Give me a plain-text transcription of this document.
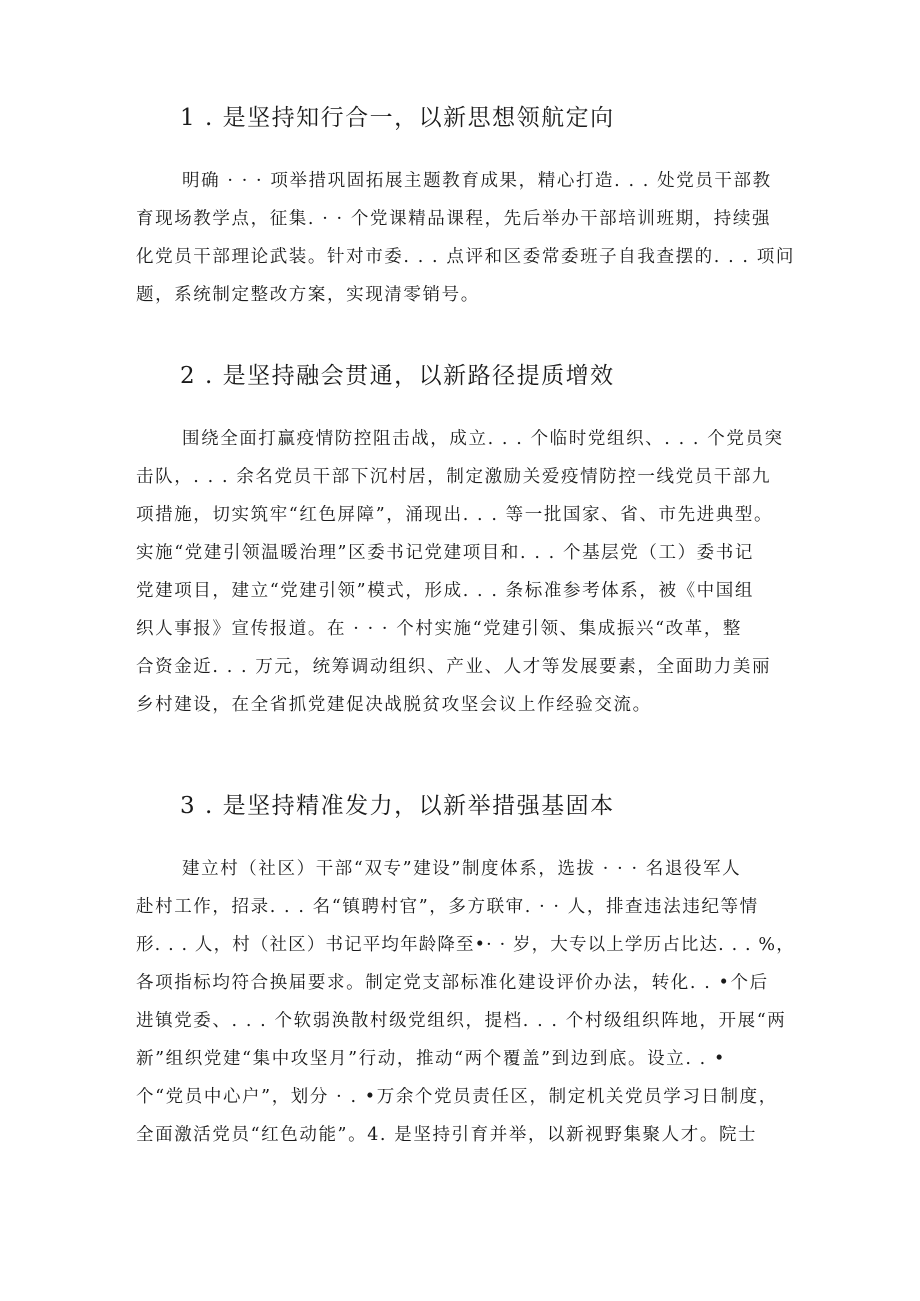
1 . 是坚持知行合一，以新思想领航定向

明确 · · · 项举措巩固拓展主题教育成果，精心打造. . . 处党员干部教

育现场教学点，征集. · · 个党课精品课程，先后举办干部培训班期，持续强

化党员干部理论武装。针对市委. . . 点评和区委常委班子自我查摆的. . . 项问

题，系统制定整改方案，实现清零销号。

2 . 是坚持融会贯通，以新路径提质增效

围绕全面打赢疫情防控阻击战，成立. . . 个临时党组织、. . . 个党员突

击队，. . . 余名党员干部下沉村居，制定激励关爱疫情防控一线党员干部九

项措施，切实筑牢“红色屏障”，涌现出. . . 等一批国家、省、市先进典型。

实施“党建引领温暖治理”区委书记党建项目和. . . 个基层党（工）委书记

党建项目，建立“党建引领”模式，形成. . . 条标准参考体系，被《中国组

织人事报》宣传报道。在 · · · 个村实施“党建引领、集成振兴“改革，整

合资金近. . . 万元，统筹调动组织、产业、人才等发展要素，全面助力美丽

乡村建设，在全省抓党建促决战脱贫攻坚会议上作经验交流。

3 . 是坚持精准发力，以新举措强基固本

建立村（社区）干部“双专”建设”制度体系，选拔 · · · 名退役军人

赴村工作，招录. . . 名“镇聘村官”，多方联审. · · 人，排查违法违纪等情

形. . . 人，村（社区）书记平均年龄降至•· · 岁，大专以上学历占比达. . . %，

各项指标均符合换届要求。制定党支部标准化建设评价办法，转化. . •个后

进镇党委、. . . 个软弱涣散村级党组织，提档. . . 个村级组织阵地，开展“两

新”组织党建“集中攻坚月”行动，推动“两个覆盖”到边到底。设立. . •

个“党员中心户”，划分 · . •万余个党员责任区，制定机关党员学习日制度，

全面激活党员“红色动能”。4. 是坚持引育并举，以新视野集聚人才。院士
